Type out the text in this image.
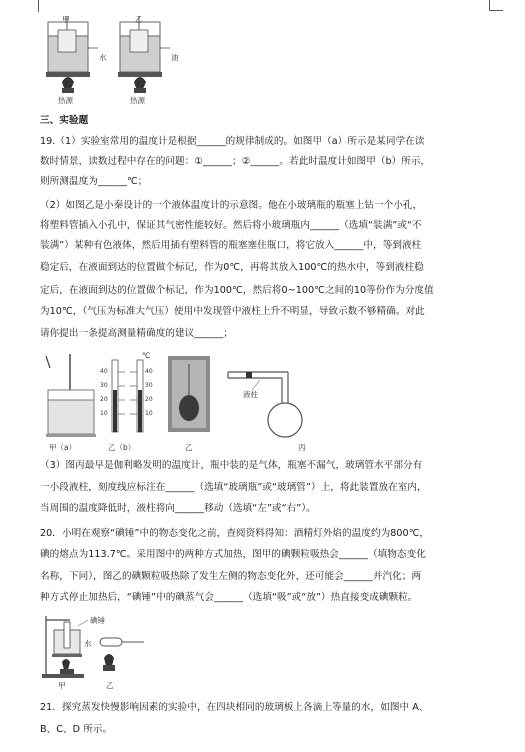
甲	乙
水	油
热源	热源
三、实验题
19.（1）实验室常用的温度计是根据______的规律制成的。如图甲（a）所示是某同学在读
数时情景，读数过程中存在的问题：①______；②______。若此时温度计如图甲（b）所示，
则所测温度为______℃；
（2）如图乙是小秦设计的一个液体温度计的示意图。他在小玻璃瓶的瓶塞上钻一个小孔，
将塑料管插入小孔中，保证其气密性能较好。然后将小玻璃瓶内______（选填“装满”或“不
装满”）某种有色液体，然后用插有塑料管的瓶塞塞住瓶口，将它放入______中，等到液柱
稳定后，在液面到达的位置做个标记，作为0℃，再将其放入100℃的热水中，等到液柱稳
定后，在液面到达的位置做个标记，作为100℃，然后将0~100℃之间的10等份作为分度值
为10℃，（气压为标准大气压）使用中发现管中液柱上升不明显，导致示数不够精确。对此
请你提出一条提高测量精确度的建议______；
甲（a）	乙（b）	乙	丙
℃
液柱
40
30
20
10
40
30
20
10
（3）图丙最早是伽利略发明的温度计，瓶中装的是气体，瓶塞不漏气，玻璃管水平部分有
一小段液柱，刻度线应标注在______（选填“玻璃瓶”或“玻璃管”）上，将此装置放在室内，
当周围的温度降低时，液柱将向______移动（选填“左”或“右”）。
20．小明在观察“碘锤”中的物态变化之前，查阅资料得知：酒精灯外焰的温度约为800℃，
碘的熔点为113.7℃。采用图中的两种方式加热，图甲的碘颗粒吸热会______（填物态变化
名称，下同），图乙的碘颗粒吸热除了发生左侧的物态变化外，还可能会______并汽化；两
种方式停止加热后，“碘锤”中的碘蒸气会______（选填“吸”或“放”）热直接变成碘颗粒。
碘锤
水
甲	乙
21．探究蒸发快慢影响因素的实验中，在四块相同的玻璃板上各滴上等量的水，如图中 A、
B、C、D 所示。
